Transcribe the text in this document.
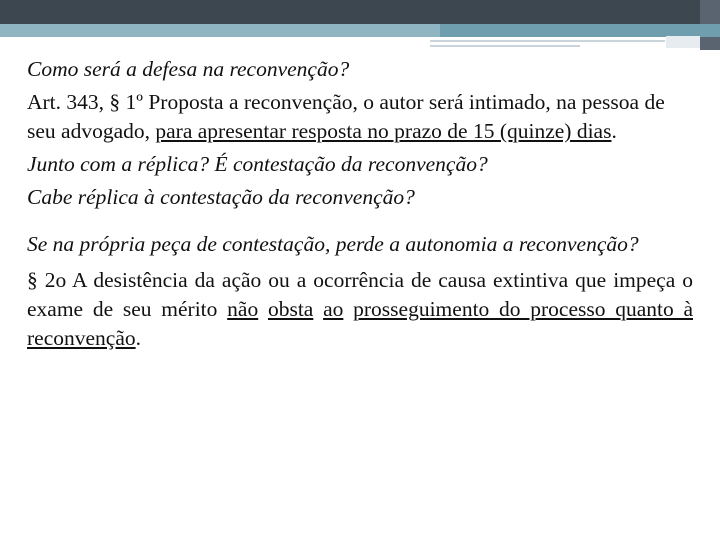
Como será a defesa na reconvenção?

Art. 343, § 1º Proposta a reconvenção, o autor será intimado, na pessoa de seu advogado, para apresentar resposta no prazo de 15 (quinze) dias.

Junto com a réplica? É contestação da reconvenção?

Cabe réplica à contestação da reconvenção?

Se na própria peça de contestação, perde a autonomia a reconvenção?

§ 2o A desistência da ação ou a ocorrência de causa extintiva que impeça o exame de seu mérito não obsta ao prosseguimento do processo quanto à reconvenção.
